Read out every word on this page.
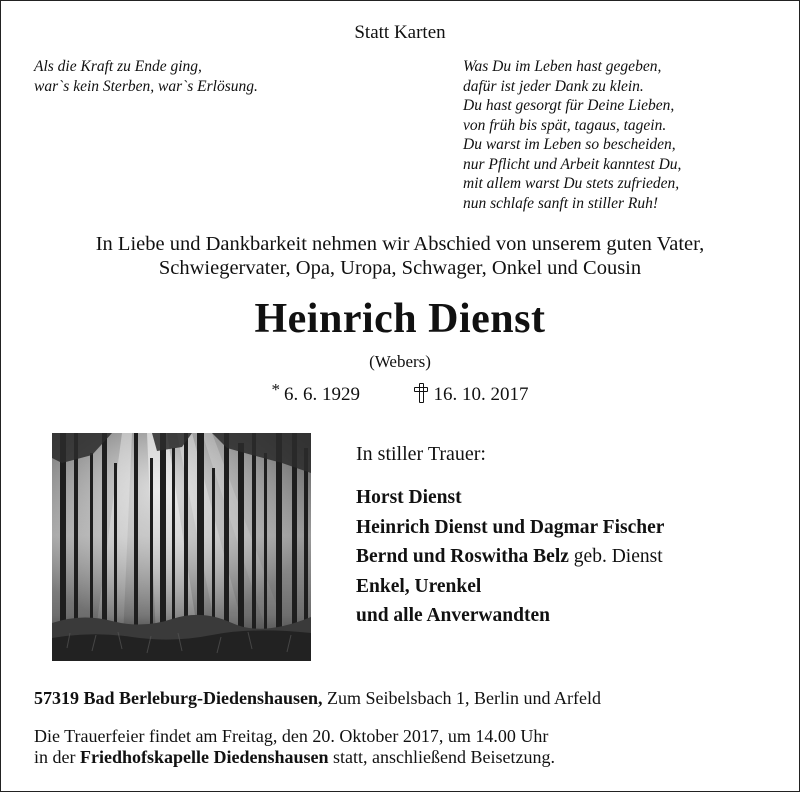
Statt Karten
Als die Kraft zu Ende ging,
war`s kein Sterben, war`s Erlösung.
Was Du im Leben hast gegeben,
dafür ist jeder Dank zu klein.
Du hast gesorgt für Deine Lieben,
von früh bis spät, tagaus, tagein.
Du warst im Leben so bescheiden,
nur Pflicht und Arbeit kanntest Du,
mit allem warst Du stets zufrieden,
nun schlafe sanft in stiller Ruh!
In Liebe und Dankbarkeit nehmen wir Abschied von unserem guten Vater,
Schwiegervater, Opa, Uropa, Schwager, Onkel und Cousin
Heinrich Dienst
(Webers)
* 6. 6. 1929	16. 10. 2017
In stiller Trauer:
Horst Dienst
Heinrich Dienst und Dagmar Fischer
Bernd und Roswitha Belz geb. Dienst
Enkel, Urenkel
und alle Anverwandten
57319 Bad Berleburg-Diedenshausen, Zum Seibelsbach 1, Berlin und Arfeld
Die Trauerfeier findet am Freitag, den 20. Oktober 2017, um 14.00 Uhr
in der Friedhofskapelle Diedenshausen statt, anschließend Beisetzung.
